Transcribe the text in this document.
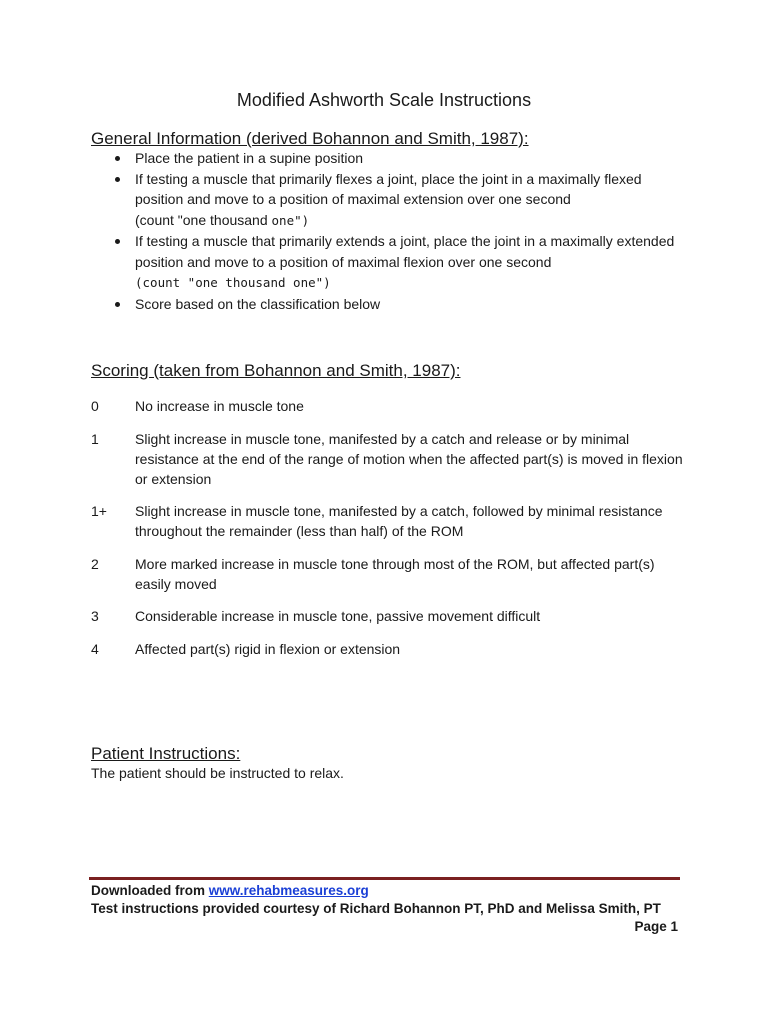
Modified Ashworth Scale Instructions
General Information (derived Bohannon and Smith, 1987):
Place the patient in a supine position
If testing a muscle that primarily flexes a joint, place the joint in a maximally flexed position and move to a position of maximal extension over one second
(count "one thousand one")
If testing a muscle that primarily extends a joint, place the joint in a maximally extended position and move to a position of maximal flexion over one second
(count "one thousand one")
Score based on the classification below
Scoring (taken from Bohannon and Smith, 1987):
0	No increase in muscle tone
1	Slight increase in muscle tone, manifested by a catch and release or by minimal resistance at the end of the range of motion when the affected part(s) is moved in flexion or extension
1+ Slight increase in muscle tone, manifested by a catch, followed by minimal resistance throughout the remainder (less than half) of the ROM
2	More marked increase in muscle tone through most of the ROM, but affected part(s) easily moved
3	Considerable increase in muscle tone, passive movement difficult
4	Affected part(s) rigid in flexion or extension
Patient Instructions:
The patient should be instructed to relax.
Downloaded from www.rehabmeasures.org
Test instructions provided courtesy of Richard Bohannon PT, PhD and Melissa Smith, PT
Page 1
